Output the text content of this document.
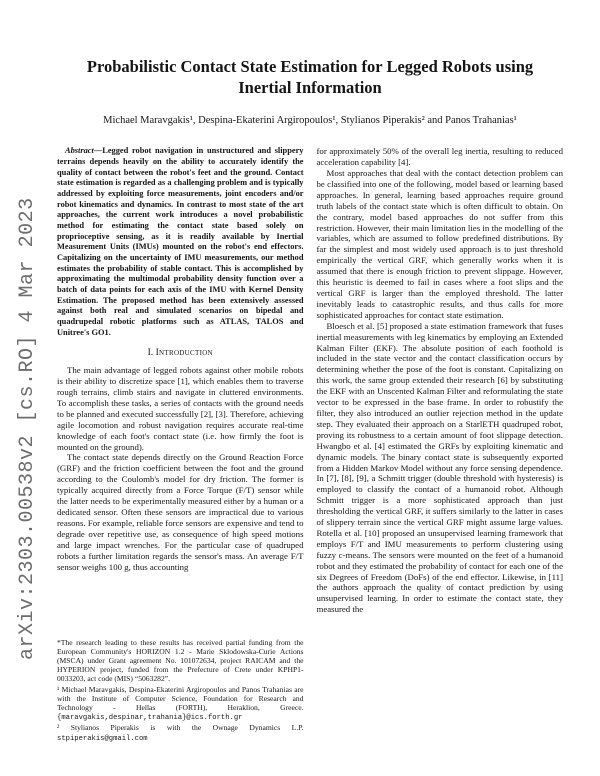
arXiv:2303.00538v2 [cs.RO] 4 Mar 2023
Probabilistic Contact State Estimation for Legged Robots using Inertial Information
Michael Maravgakis¹, Despina-Ekaterini Argiropoulos¹, Stylianos Piperakis² and Panos Trahanias¹

Abstract—Legged robot navigation in unstructured and slippery terrains depends heavily on the ability to accurately identify the quality of contact between the robot's feet and the ground. Contact state estimation is regarded as a challenging problem and is typically addressed by exploiting force measurements, joint encoders and/or robot kinematics and dynamics. In contrast to most state of the art approaches, the current work introduces a novel probabilistic method for estimating the contact state based solely on proprioceptive sensing, as it is readily available by Inertial Measurement Units (IMUs) mounted on the robot's end effectors. Capitalizing on the uncertainty of IMU measurements, our method estimates the probability of stable contact. This is accomplished by approximating the multimodal probability density function over a batch of data points for each axis of the IMU with Kernel Density Estimation. The proposed method has been extensively assessed against both real and simulated scenarios on bipedal and quadrupedal robotic platforms such as ATLAS, TALOS and Unitree's GO1.

I. Introduction

The main advantage of legged robots against other mobile robots is their ability to discretize space [1], which enables them to traverse rough terrains, climb stairs and navigate in cluttered environments. To accomplish these tasks, a series of contacts with the ground needs to be planned and executed successfully [2], [3]. Therefore, achieving agile locomotion and robust navigation requires accurate real-time knowledge of each foot's contact state (i.e. how firmly the foot is mounted on the ground).

The contact state depends directly on the Ground Reaction Force (GRF) and the friction coefficient between the foot and the ground according to the Coulomb's model for dry friction. The former is typically acquired directly from a Force Torque (F/T) sensor while the latter needs to be experimentally measured either by a human or a dedicated sensor. Often these sensors are impractical due to various reasons. For example, reliable force sensors are expensive and tend to degrade over repetitive use, as consequence of high speed motions and large impact wrenches. For the particular case of quadruped robots a further limitation regards the sensor's mass. An average F/T sensor weighs 100 g, thus accounting

*The research leading to these results has received partial funding from the European Community's HORIZON 1.2 - Marie Sklodowska-Curie Actions (MSCA) under Grant agreement No. 101072634, project RAICAM and the HYPERION project, funded from the Prefecture of Crete under KPHP1-0033203, act code (MIS) “5063282”.

¹ Michael Maravgakis, Despina-Ekaterini Argiropoulos and Panos Trahanias are with the Institute of Computer Science, Foundation for Research and Technology - Hellas (FORTH), Heraklion, Greece. {maravgakis,despinar,trahania}@ics.forth.gr

² Stylianos Piperakis is with the Ownage Dynamics L.P. stpiperakis@gmail.com

for approximately 50% of the overall leg inertia, resulting to reduced acceleration capability [4].

Most approaches that deal with the contact detection problem can be classified into one of the following, model based or learning based approaches. In general, learning based approaches require ground truth labels of the contact state which is often difficult to obtain. On the contrary, model based approaches do not suffer from this restriction. However, their main limitation lies in the modelling of the variables, which are assumed to follow predefined distributions. By far the simplest and most widely used approach is to just threshold empirically the vertical GRF, which generally works when it is assumed that there is enough friction to prevent slippage. However, this heuristic is deemed to fail in cases where a foot slips and the vertical GRF is larger than the employed threshold. The latter inevitably leads to catastrophic results, and thus calls for more sophisticated approaches for contact state estimation.

Bloesch et al. [5] proposed a state estimation framework that fuses inertial measurements with leg kinematics by employing an Extended Kalman Filter (EKF). The absolute position of each foothold is included in the state vector and the contact classification occurs by determining whether the pose of the foot is constant. Capitalizing on this work, the same group extended their research [6] by substituting the EKF with an Unscented Kalman Filter and reformulating the state vector to be expressed in the base frame. In order to robustify the filter, they also introduced an outlier rejection method in the update step. They evaluated their approach on a StarlETH quadruped robot, proving its robustness to a certain amount of foot slippage detection. Hwangbo et al. [4] estimated the GRFs by exploiting kinematic and dynamic models. The binary contact state is subsequently exported from a Hidden Markov Model without any force sensing dependence. In [7], [8], [9], a Schmitt trigger (double threshold with hysteresis) is employed to classify the contact of a humanoid robot. Although Schmitt trigger is a more sophisticated approach than just thresholding the vertical GRF, it suffers similarly to the latter in cases of slippery terrain since the vertical GRF might assume large values. Rotella et al. [10] proposed an unsupervised learning framework that employs F/T and IMU measurements to perform clustering using fuzzy c-means. The sensors were mounted on the feet of a humanoid robot and they estimated the probability of contact for each one of the six Degrees of Freedom (DoFs) of the end effector. Likewise, in [11] the authors approach the quality of contact prediction by using unsupervised learning. In order to estimate the contact state, they measured the
